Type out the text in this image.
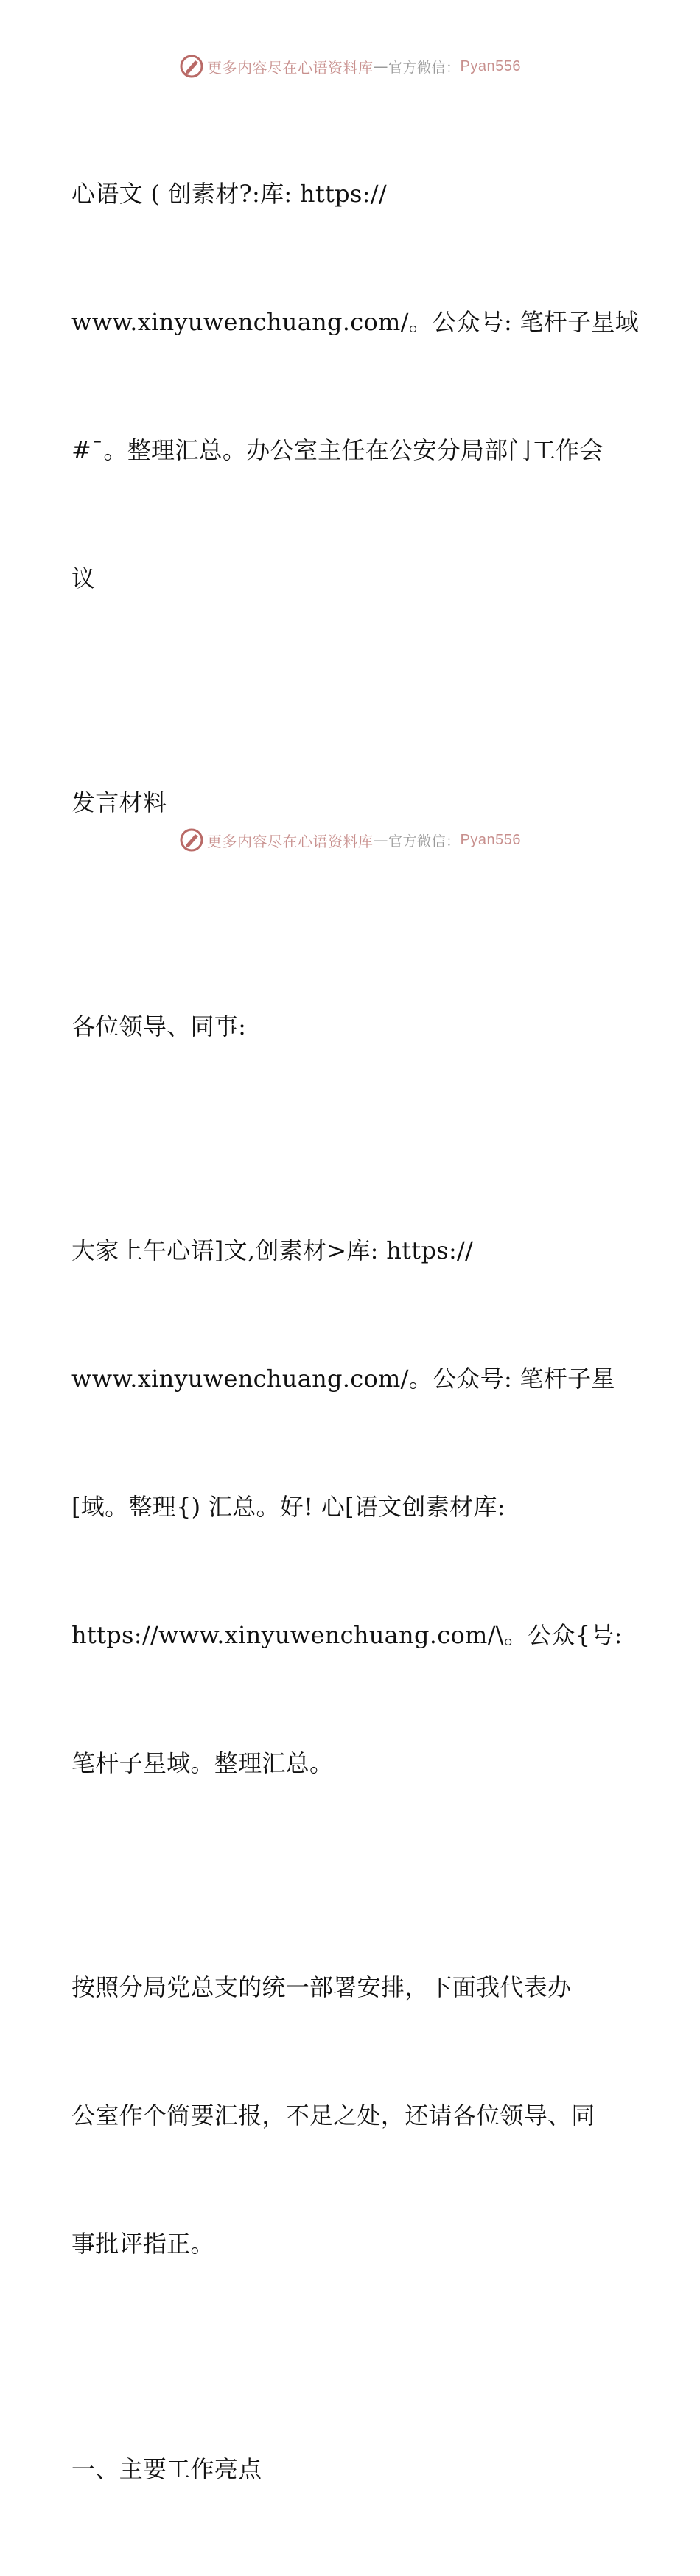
更多内容尽在心语资料库 — 官方微信： Pyan556

心语文 ( 创素材?:库: https://

www.xinyuwenchuang.com/。公众号: 笔杆子星域

#¯。整理汇总。办公室主任在公安分局部门工作会

议

发言材料

各位领导、同事:

大家上午心语]文,创素材>库: https://

www.xinyuwenchuang.com/。公众号: 笔杆子星

[域。整理{) 汇总。好! 心[语文创素材库:

https://www.xinyuwenchuang.com/\。公众{号:

笔杆子星域。整理汇总。

按照分局党总支的统一部署安排，下面我代表办

公室作个简要汇报，不足之处，还请各位领导、同

事批评指正。

一、主要工作亮点

更多内容尽在心语资料库 — 官方微信： Pyan556
